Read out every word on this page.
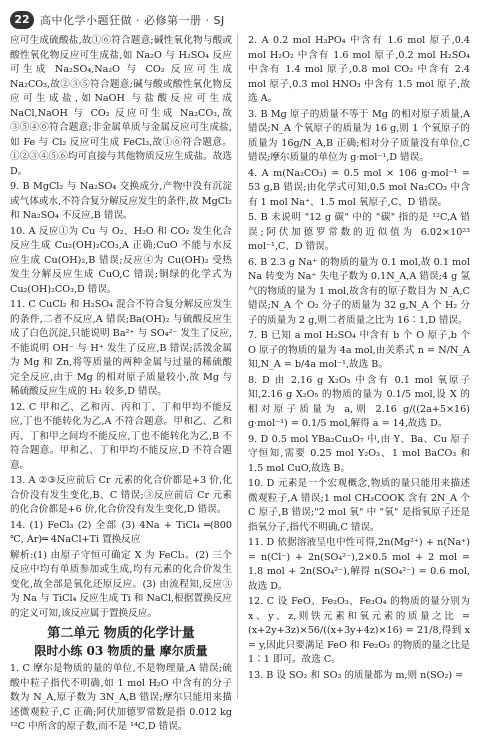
22 高中化学小题狂做 · 必修第一册 · SJ

应可生成硫酸盐,故①⑥符合题意;碱性氧化物与酸或酸性氧化物反应可生成盐,如 Na₂O 与 H₂SO₄ 反应可生成 Na₂SO₄,Na₂O 与 CO₂ 反应可生成 Na₂CO₃,故②③⑤符合题意;碱与酸或酸性氧化物反应可生成盐,如NaOH 与盐酸反应可生成 NaCl,NaOH 与 CO₂ 反应可生成 Na₂CO₃,故③⑤④⑥符合题意;非金属单质与金属反应可生成盐,如 Fe 与 Cl₂ 反应可生成 FeCl₃,故①⑥符合题意。①②③④⑤⑥均可直接与其他物质反应生成盐。故选 D。

9. B MgCl₂ 与 Na₂SO₄ 交换成分,产物中没有沉淀或气体或水,不符合复分解反应发生的条件,故 MgCl₂ 和 Na₂SO₄ 不反应,B 错误。

10. A 反应①为 Cu 与 O₂、H₂O 和 CO₂ 发生化合反应生成 Cu₂(OH)₂CO₃,A 正确;CuO 不能与水反应生成 Cu(OH)₂,B 错误;反应④为 Cu(OH)₂ 受热发生分解反应生成 CuO,C 错误;铜绿的化学式为 Cu₂(OH)₂CO₃,D 错误。

11. C CuCl₂ 和 H₂SO₄ 混合不符合复分解反应发生的条件,二者不反应,A 错误;Ba(OH)₂ 与硫酸反应生成了白色沉淀,只能说明 Ba²⁺ 与 SO₄²⁻ 发生了反应,不能说明 OH⁻ 与 H⁺ 发生了反应,B 错误;活泼金属为 Mg 和 Zn,将等质量的两种金属与过量的稀硫酸完全反应,由于 Mg 的相对原子质量较小,故 Mg 与稀硫酸反应生成的 H₂ 较多,D 错误。

12. C 甲和乙、乙和丙、丙和丁、丁和甲均不能反应,丁也不能转化为乙,A 不符合题意。甲和乙、乙和丙、丁和甲之间均不能反应,丁也不能转化为乙,B 不符合题意。甲和乙、丁和甲均不能反应,D 不符合题意。

13. A ②③反应前后 Cr 元素的化合价都是+3 价,化合价没有发生变化,B、C 错误;③反应前后 Cr 元素的化合价都是+6 价,化合价没有发生变化,D 错误。

14. (1) FeCl₃ (2) 全部 (3) 4Na + TiCl₄ ═(800 ℃, Ar)═ 4NaCl+Ti 置换反应

解析:(1) 由原子守恒可确定 X 为 FeCl₃。(2) 三个反应中均有单质参加或生成,均有元素的化合价发生变化,故全部是氧化还原反应。(3) 由流程知,反应③为 Na 与 TiCl₄ 反应生成 Ti 和 NaCl,根据置换反应的定义可知,该反应属于置换反应。

第二单元 物质的化学计量
限时小练 03 物质的量 摩尔质量

1. C 摩尔是物质的量的单位,不是物理量,A 错误;硫酸中粒子指代不明确,如 1 mol H₂O 中含有的分子数为 N_A,原子数为 3N_A,B 错误;摩尔只能用来描述微观粒子,C 正确;阿伏加德罗常数是指 0.012 kg ¹²C 中所含的原子数,而不是 ¹⁴C,D 错误。

2. A 0.2 mol H₃PO₄ 中含有 1.6 mol 原子,0.4 mol H₂O₂ 中含有 1.6 mol 原子,0.2 mol H₂SO₄ 中含有 1.4 mol 原子,0.8 mol CO₂ 中含有 2.4 mol 原子,0.3 mol HNO₃ 中含有 1.5 mol 原子,故选 A。

3. B Mg 原子的质量不等于 Mg 的相对原子质量,A 错误;N_A 个氧原子的质量为 16 g,则 1 个氧原子的质量为 16g/N_A,B 正确;相对分子质量没有单位,C 错误;摩尔质量的单位为 g·mol⁻¹,D 错误。

4. A m(Na₂CO₃) = 0.5 mol × 106 g·mol⁻¹ = 53 g,B 错误;由化学式可知,0.5 mol Na₂CO₃ 中含有 1 mol Na⁺、1.5 mol 氧原子,C、D 错误。

5. B 未说明 "12 g 碳" 中的 "碳" 指的是 ¹²C,A 错误;阿伏加德罗常数的近似值为 6.02×10²³ mol⁻¹,C、D 错误。

6. B 2.3 g Na⁺ 的物质的量为 0.1 mol,故 0.1 mol Na 转变为 Na⁺ 失电子数为 0.1N_A,A 错误;4 g 氢气的物质的量为 1 mol,故含有的原子数目为 N_A,C 错误;N_A 个 O₂ 分子的质量为 32 g,N_A 个 H₂ 分子的质量为 2 g,则二者质量之比为 16∶1,D 错误。

7. B 已知 a mol H₂SO₄ 中含有 b 个 O 原子,b 个 O 原子的物质的量为 4a mol,由关系式 n = N/N_A 知,N_A = b/4a mol⁻¹,故选 B。

8. D 由 2.16 g X₂O₅ 中含有 0.1 mol 氧原子知,2.16 g X₂O₅ 的物质的量为 0.1/5 mol,设 X 的相对原子质量为 a,则 2.16 g/((2a+5×16) g·mol⁻¹) = 0.1/5 mol,解得 a = 14,故选 D。

9. D 0.5 mol YBa₂Cu₃O₇ 中,由 Y、Ba、Cu 原子守恒知,需要 0.25 mol Y₂O₃、1 mol BaCO₃ 和 1.5 mol CuO,故选 B。

10. D 元素是一个宏观概念,物质的量只能用来描述微观粒子,A 错误;1 mol CH₃COOK 含有 2N_A 个 C 原子,B 错误;"2 mol 氧" 中 "氧" 是指氧原子还是指氧分子,指代不明确,C 错误。

11. D 依据溶液呈电中性可得,2n(Mg²⁺) + n(Na⁺) = n(Cl⁻) + 2n(SO₄²⁻),2×0.5 mol + 2 mol = 1.8 mol + 2n(SO₄²⁻),解得 n(SO₄²⁻) = 0.6 mol,故选 D。

12. C 设 FeO、Fe₂O₃、Fe₃O₄ 的物质的量分别为 x、y、z,则铁元素和氧元素的质量之比 = (x+2y+3z)×56/((x+3y+4z)×16) = 21/8,得到 x = y,因此只要满足 FeO 和 Fe₂O₃ 的物质的量之比是 1∶1 即可。故选 C。

13. B 设 SO₂ 和 SO₃ 的质量都为 m,则 n(SO₂) =
